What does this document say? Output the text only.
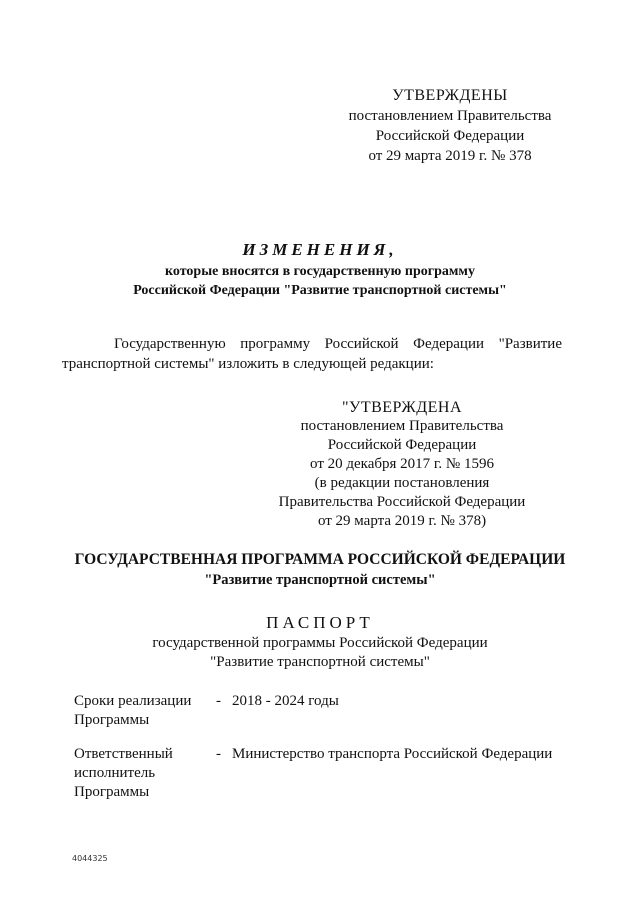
УТВЕРЖДЕНЫ
постановлением Правительства
Российской Федерации
от 29 марта 2019 г. № 378
ИЗМЕНЕНИЯ,
которые вносятся в государственную программу
Российской Федерации "Развитие транспортной системы"
Государственную программу Российской Федерации "Развитие
транспортной системы" изложить в следующей редакции:
"УТВЕРЖДЕНА
постановлением Правительства
Российской Федерации
от 20 декабря 2017 г. № 1596
(в редакции постановления
Правительства Российской Федерации
от 29 марта 2019 г. № 378)
ГОСУДАРСТВЕННАЯ ПРОГРАММА РОССИЙСКОЙ ФЕДЕРАЦИИ
"Развитие транспортной системы"
ПАСПОРТ
государственной программы Российской Федерации
"Развитие транспортной системы"
Сроки реализации
Программы
- 2018 - 2024 годы
Ответственный
исполнитель
Программы
- Министерство транспорта Российской Федерации
4044325
